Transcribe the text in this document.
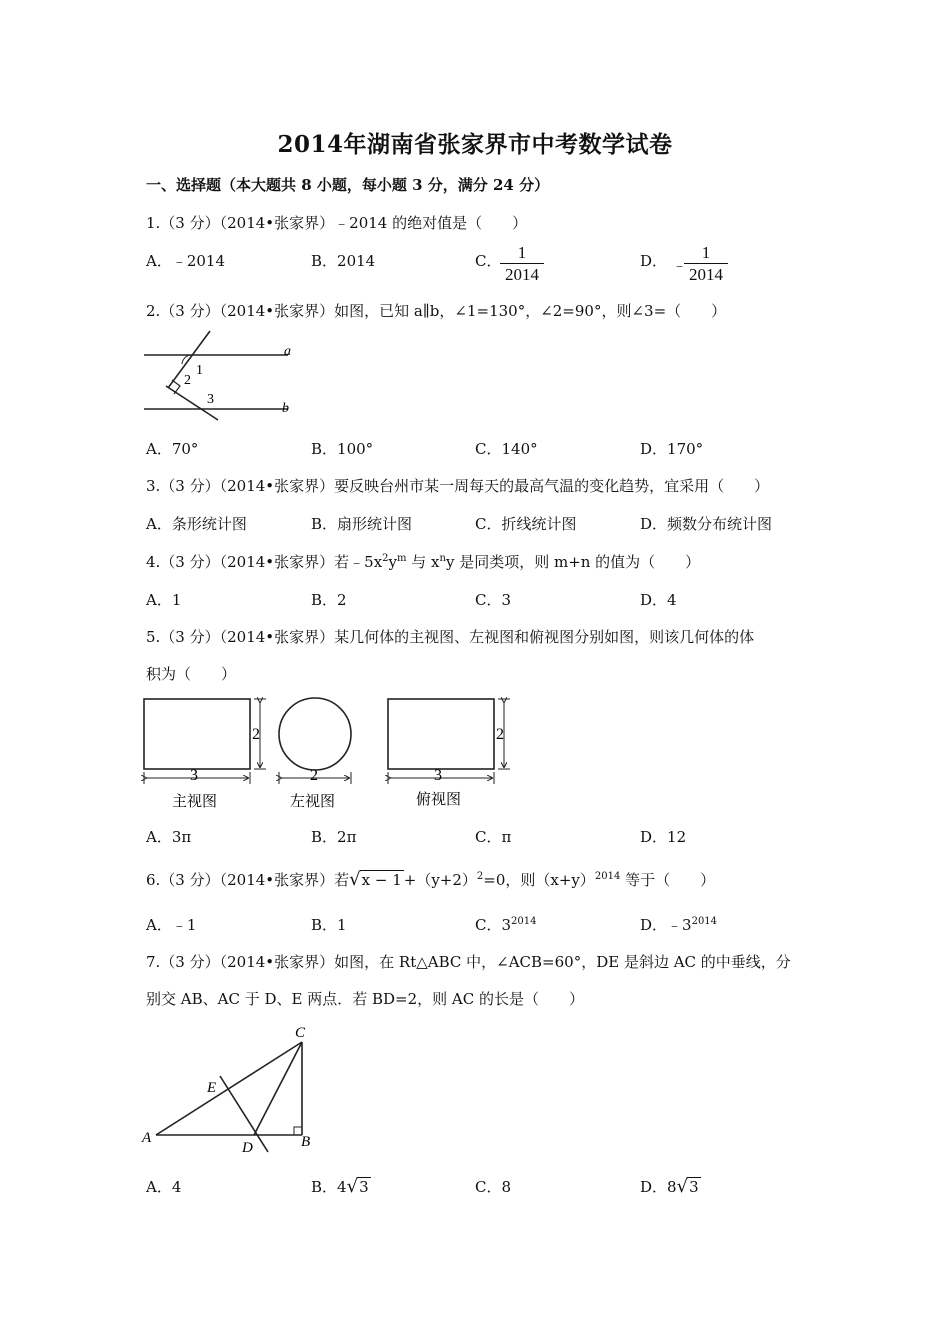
2014年湖南省张家界市中考数学试卷
一、选择题（本大题共 8 小题，每小题 3 分，满分 24 分）
1.（3 分）（2014•张家界）﹣2014 的绝对值是（　　）
A．﹣2014	B．2014	C． 1
2014
D． ﹣
1
2014
2.（3 分）（2014•张家界）如图，已知 a∥b，∠1=130°，∠2=90°，则∠3=（　　）
a
b
1
2
3
A．70°	B．100°	C．140°	D．170°
3.（3 分）（2014•张家界）要反映台州市某一周每天的最高气温的变化趋势，宜采用（　　）
A．条形统计图	B．扇形统计图	C．折线统计图	D．频数分布统计图
4.（3 分）（2014•张家界）若$﹣5x^2y^m$ 与 $x^ny$ 是同类项，则 m+n 的值为（　　）
A．1	B．2	C．3	D．4
5.（3 分）（2014•张家界）某几何体的主视图、左视图和俯视图分别如图，则该几何体的体
积为（　　）
2
3
主视图
2
左视图
2
3
俯视图
A．3π	B．2π	C．π	D．12
6.（3 分）（2014•张家界）若$√x - 1 +(y+2)^2=0$，则$(x+y)^{2014}$ 等于（　　）
A．﹣1	B．1	C．$3^{2014}$	D．$﹣3^{2014}$
7.（3 分）（2014•张家界）如图，在 Rt△ABC 中，∠ACB=60°，DE 是斜边 AC 的中垂线，分
别交 AB、AC 于 D、E 两点．若 BD=2，则 AC 的长是（　　）
A	B
C
D
E
A．4	B．4√3	C．8	D．8√3
